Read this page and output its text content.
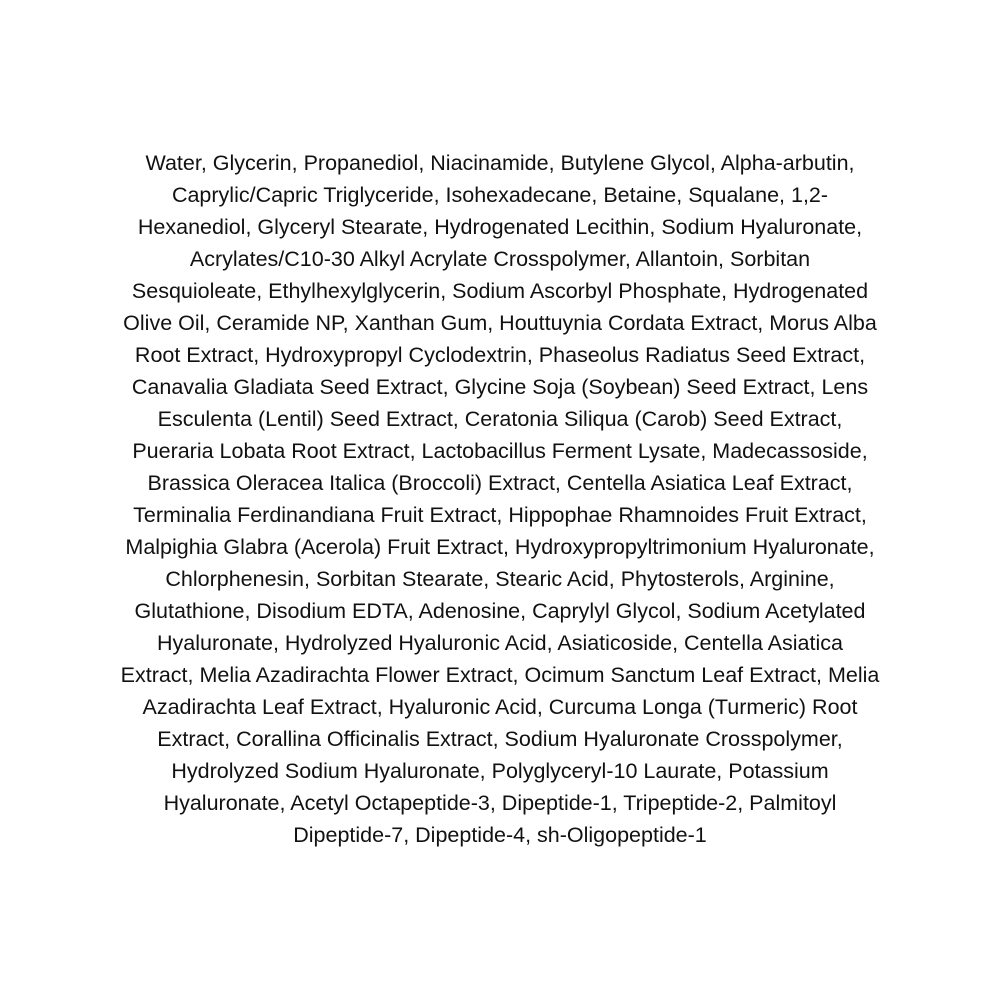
Water, Glycerin, Propanediol, Niacinamide, Butylene Glycol, Alpha-arbutin,
Caprylic/Capric Triglyceride, Isohexadecane, Betaine, Squalane, 1,2-
Hexanediol, Glyceryl Stearate, Hydrogenated Lecithin, Sodium Hyaluronate,
Acrylates/C10-30 Alkyl Acrylate Crosspolymer, Allantoin, Sorbitan
Sesquioleate, Ethylhexylglycerin, Sodium Ascorbyl Phosphate, Hydrogenated
Olive Oil, Ceramide NP, Xanthan Gum, Houttuynia Cordata Extract, Morus Alba
Root Extract, Hydroxypropyl Cyclodextrin, Phaseolus Radiatus Seed Extract,
Canavalia Gladiata Seed Extract, Glycine Soja (Soybean) Seed Extract, Lens
Esculenta (Lentil) Seed Extract, Ceratonia Siliqua (Carob) Seed Extract,
Pueraria Lobata Root Extract, Lactobacillus Ferment Lysate, Madecassoside,
Brassica Oleracea Italica (Broccoli) Extract, Centella Asiatica Leaf Extract,
Terminalia Ferdinandiana Fruit Extract, Hippophae Rhamnoides Fruit Extract,
Malpighia Glabra (Acerola) Fruit Extract, Hydroxypropyltrimonium Hyaluronate,
Chlorphenesin, Sorbitan Stearate, Stearic Acid, Phytosterols, Arginine,
Glutathione, Disodium EDTA, Adenosine, Caprylyl Glycol, Sodium Acetylated
Hyaluronate, Hydrolyzed Hyaluronic Acid, Asiaticoside, Centella Asiatica
Extract, Melia Azadirachta Flower Extract, Ocimum Sanctum Leaf Extract, Melia
Azadirachta Leaf Extract, Hyaluronic Acid, Curcuma Longa (Turmeric) Root
Extract, Corallina Officinalis Extract, Sodium Hyaluronate Crosspolymer,
Hydrolyzed Sodium Hyaluronate, Polyglyceryl-10 Laurate, Potassium
Hyaluronate, Acetyl Octapeptide-3, Dipeptide-1, Tripeptide-2, Palmitoyl
Dipeptide-7, Dipeptide-4, sh-Oligopeptide-1
